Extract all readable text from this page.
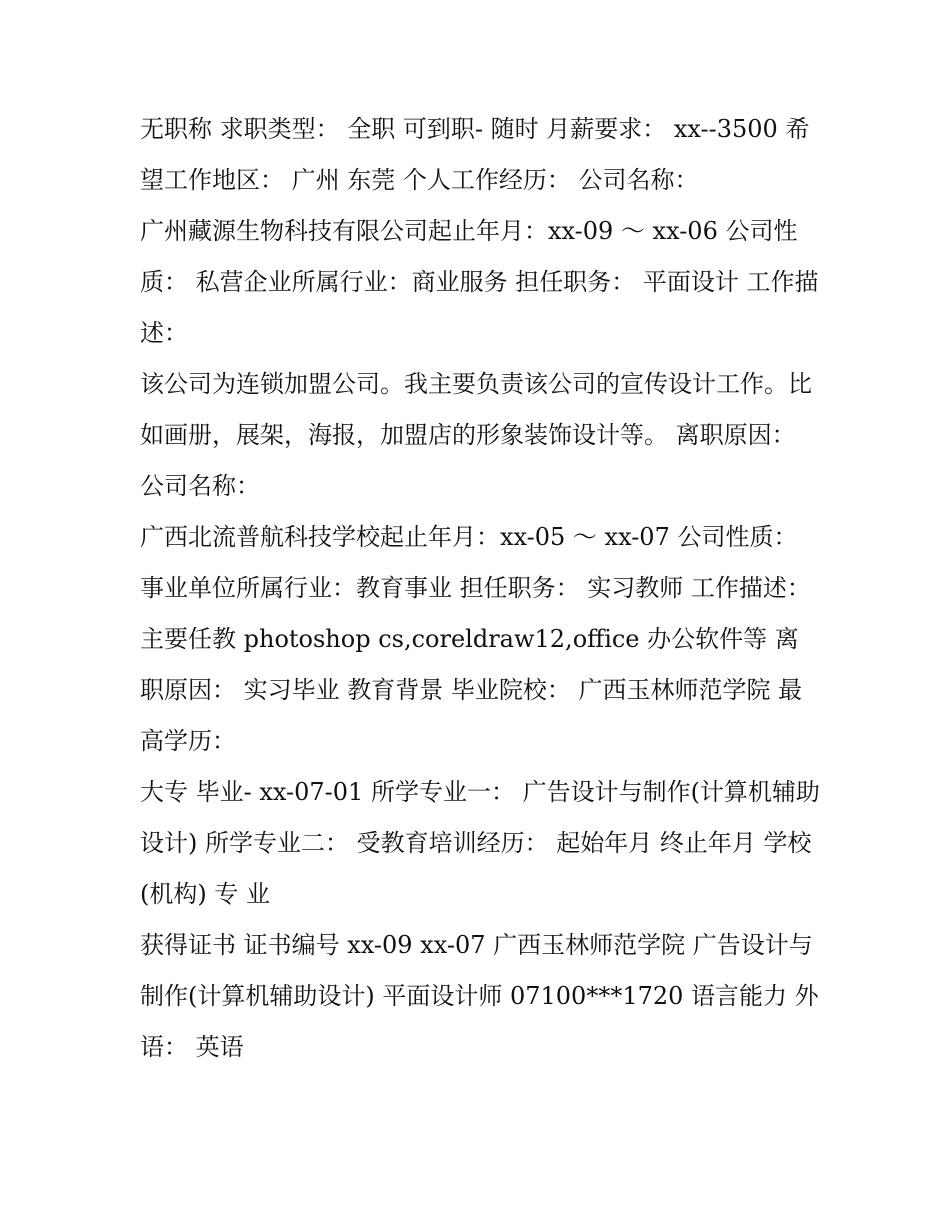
无职称 求职类型： 全职 可到职- 随时 月薪要求： xx--3500 希望工作地区： 广州 东莞 个人工作经历： 公司名称：

广州藏源生物科技有限公司起止年月：xx-09 ～ xx-06 公司性质： 私营企业所属行业：商业服务 担任职务： 平面设计 工作描述：

该公司为连锁加盟公司。我主要负责该公司的宣传设计工作。比如画册，展架，海报，加盟店的形象装饰设计等。 离职原因： 公司名称：

广西北流普航科技学校起止年月：xx-05 ～ xx-07 公司性质：事业单位所属行业：教育事业 担任职务： 实习教师 工作描述：

主要任教 photoshop cs,coreldraw12,office 办公软件等 离职原因： 实习毕业 教育背景 毕业院校： 广西玉林师范学院 最高学历：

大专 毕业- xx-07-01 所学专业一： 广告设计与制作(计算机辅助设计) 所学专业二： 受教育培训经历： 起始年月 终止年月 学校(机构) 专 业

获得证书 证书编号 xx-09 xx-07 广西玉林师范学院 广告设计与制作(计算机辅助设计) 平面设计师 07100***1720 语言能力 外语： 英语
